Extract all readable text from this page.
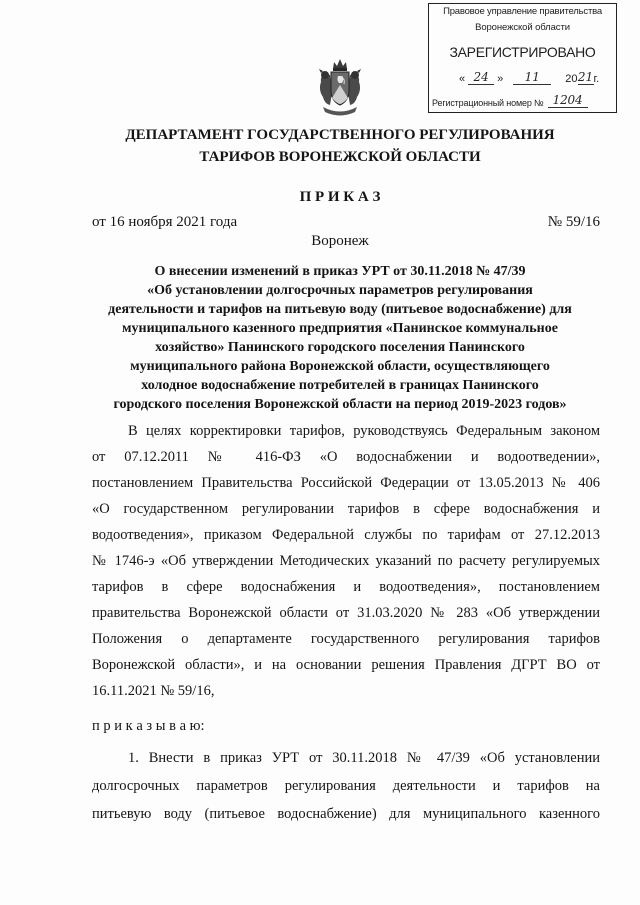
Правовое управление правительства
Воронежской области
ЗАРЕГИСТРИРОВАНО
« 24 »	11	20 21 г.
Регистрационный номер № 1204
ДЕПАРТАМЕНТ ГОСУДАРСТВЕННОГО РЕГУЛИРОВАНИЯ
ТАРИФОВ ВОРОНЕЖСКОЙ ОБЛАСТИ
П Р И К А З
от 16 ноября 2021 года	№ 59/16
Воронеж
О внесении изменений в приказ УРТ от 30.11.2018 № 47/39
«Об установлении долгосрочных параметров регулирования
деятельности и тарифов на питьевую воду (питьевое водоснабжение) для
муниципального казенного предприятия «Панинское коммунальное
хозяйство» Панинского городского поселения Панинского
муниципального района Воронежской области, осуществляющего
холодное водоснабжение потребителей в границах Панинского
городского поселения Воронежской области на период 2019-2023 годов»
В целях корректировки тарифов, руководствуясь Федеральным законом
от 07.12.2011 № 416-ФЗ «О водоснабжении и водоотведении»,
постановлением Правительства Российской Федерации от 13.05.2013 № 406
«О государственном регулировании тарифов в сфере водоснабжения и
водоотведения», приказом Федеральной службы по тарифам от 27.12.2013
№ 1746-э «Об утверждении Методических указаний по расчету регулируемых
тарифов в сфере водоснабжения и водоотведения», постановлением
правительства Воронежской области от 31.03.2020 № 283 «Об утверждении
Положения о департаменте государственного регулирования тарифов
Воронежской области», и на основании решения Правления ДГРТ ВО от
16.11.2021 № 59/16,
п р и к а з ы в а ю:
1. Внести в приказ УРТ от 30.11.2018 № 47/39 «Об установлении
долгосрочных параметров регулирования деятельности и тарифов на
питьевую воду (питьевое водоснабжение) для муниципального казенного
